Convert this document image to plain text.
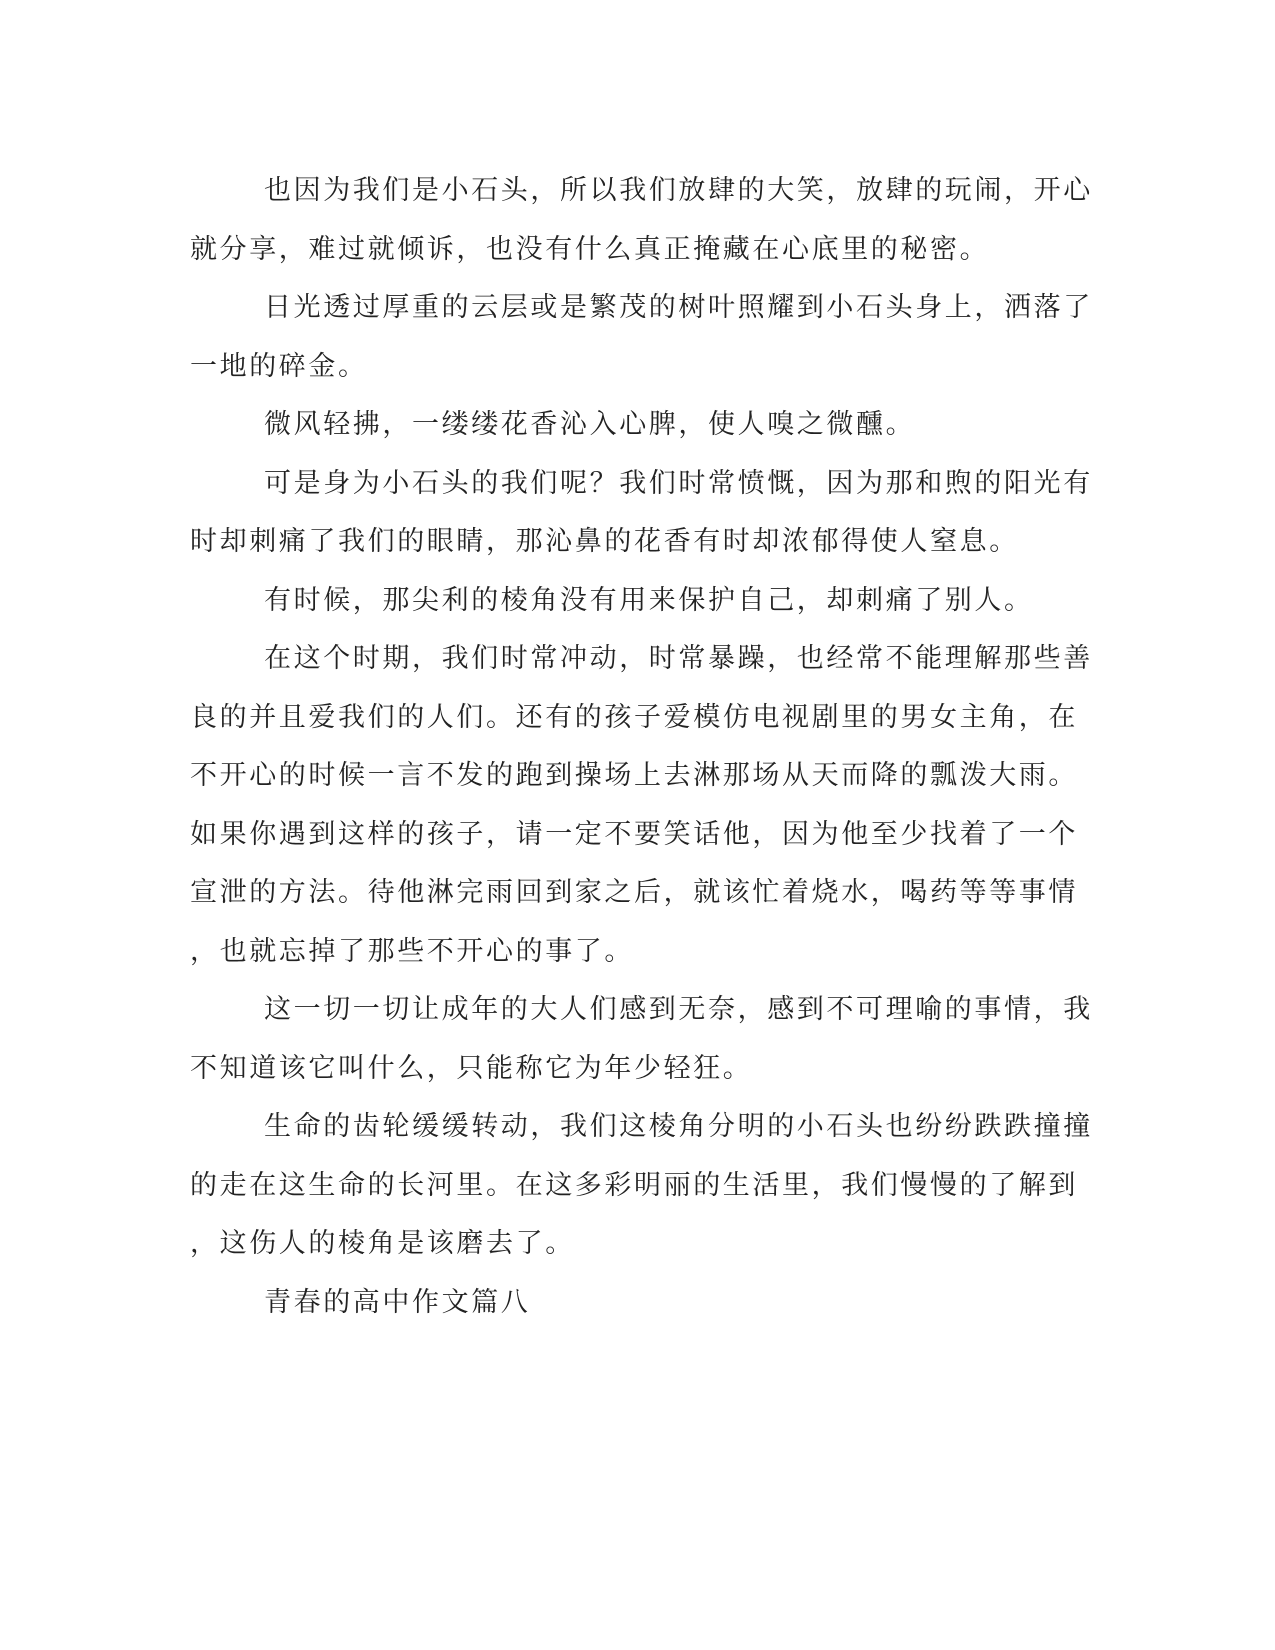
也因为我们是小石头，所以我们放肆的大笑，放肆的玩闹，开心
就分享，难过就倾诉，也没有什么真正掩藏在心底里的秘密。
日光透过厚重的云层或是繁茂的树叶照耀到小石头身上，洒落了
一地的碎金。
微风轻拂，一缕缕花香沁入心脾，使人嗅之微醺。
可是身为小石头的我们呢？我们时常愤慨，因为那和煦的阳光有
时却刺痛了我们的眼睛，那沁鼻的花香有时却浓郁得使人窒息。
有时候，那尖利的棱角没有用来保护自己，却刺痛了别人。
在这个时期，我们时常冲动，时常暴躁，也经常不能理解那些善
良的并且爱我们的人们。还有的孩子爱模仿电视剧里的男女主角，在
不开心的时候一言不发的跑到操场上去淋那场从天而降的瓢泼大雨。
如果你遇到这样的孩子，请一定不要笑话他，因为他至少找着了一个
宣泄的方法。待他淋完雨回到家之后，就该忙着烧水，喝药等等事情
，也就忘掉了那些不开心的事了。
这一切一切让成年的大人们感到无奈，感到不可理喻的事情，我
不知道该它叫什么，只能称它为年少轻狂。
生命的齿轮缓缓转动，我们这棱角分明的小石头也纷纷跌跌撞撞
的走在这生命的长河里。在这多彩明丽的生活里，我们慢慢的了解到
，这伤人的棱角是该磨去了。
青春的高中作文篇八
